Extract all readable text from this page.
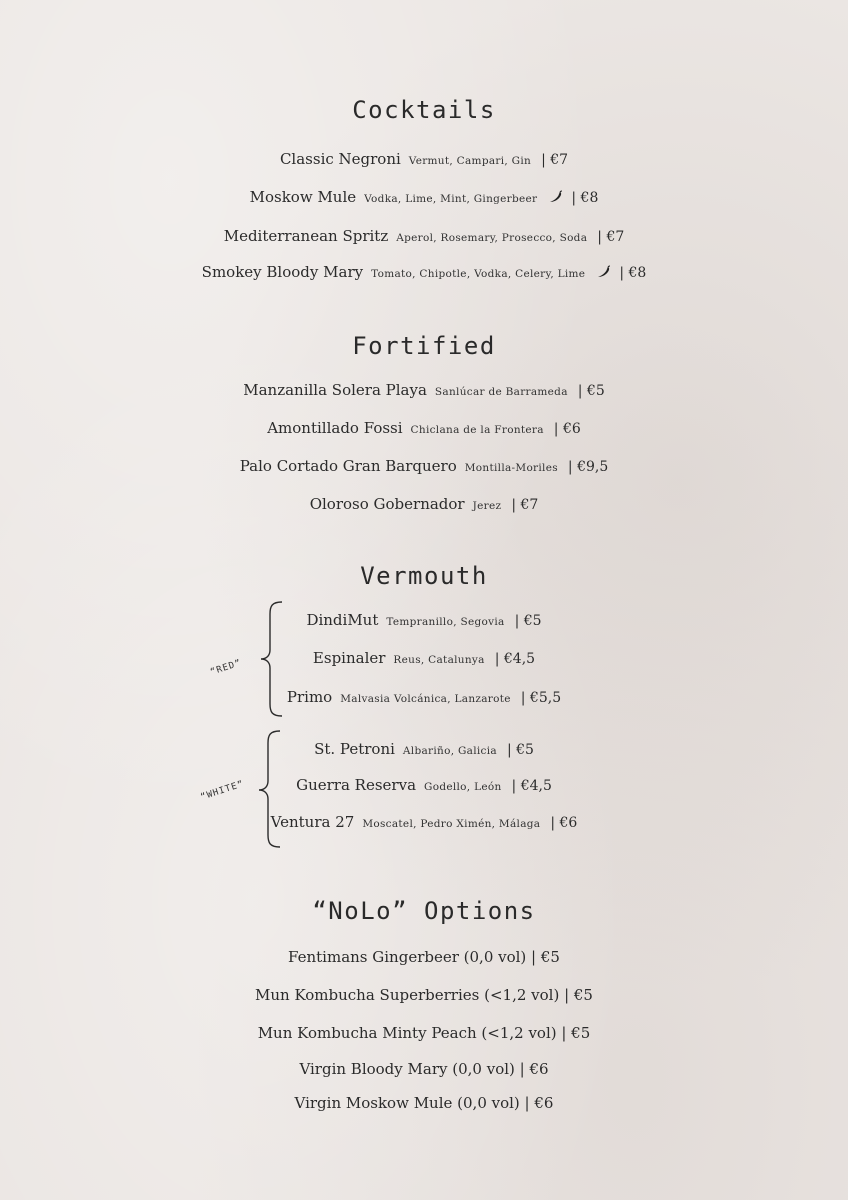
Cocktails
Classic Negroni Vermut, Campari, Gin | €7
Moskow Mule Vodka, Lime, Mint, Gingerbeer | €8
Mediterranean Spritz Aperol, Rosemary, Prosecco, Soda | €7
Smokey Bloody Mary Tomato, Chipotle, Vodka, Celery, Lime | €8
Fortified
Manzanilla Solera Playa Sanlúcar de Barrameda | €5
Amontillado Fossi Chiclana de la Frontera | €6
Palo Cortado Gran Barquero Montilla-Moriles | €9,5
Oloroso Gobernador Jerez | €7
Vermouth
“RED”
DindiMut Tempranillo, Segovia | €5
Espinaler Reus, Catalunya | €4,5
Primo Malvasia Volcánica, Lanzarote | €5,5
“WHITE”
St. Petroni Albariño, Galicia | €5
Guerra Reserva Godello, León | €4,5
Ventura 27 Moscatel, Pedro Ximén, Málaga | €6
“NoLo” Options
Fentimans Gingerbeer (0,0 vol) | €5
Mun Kombucha Superberries (<1,2 vol) | €5
Mun Kombucha Minty Peach (<1,2 vol) | €5
Virgin Bloody Mary (0,0 vol) | €6
Virgin Moskow Mule (0,0 vol) | €6
